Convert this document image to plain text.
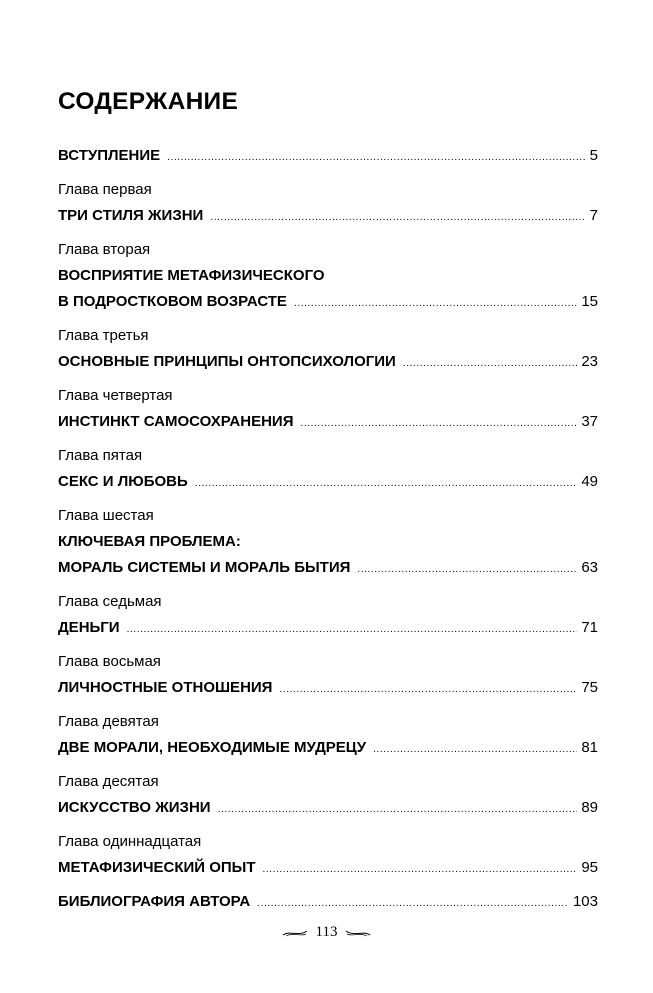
СОДЕРЖАНИЕ
ВСТУПЛЕНИЕ .....	5
Глава первая
ТРИ СТИЛЯ ЖИЗНИ .....	7
Глава вторая
ВОСПРИЯТИЕ МЕТАФИЗИЧЕСКОГО
В ПОДРОСТКОВОМ ВОЗРАСТЕ .....	15
Глава третья
ОСНОВНЫЕ ПРИНЦИПЫ ОНТОПСИХОЛОГИИ .....	23
Глава четвертая
ИНСТИНКТ САМОСОХРАНЕНИЯ .....	37
Глава пятая
СЕКС И ЛЮБОВЬ .....	49
Глава шестая
КЛЮЧЕВАЯ ПРОБЛЕМА:
МОРАЛЬ СИСТЕМЫ И МОРАЛЬ БЫТИЯ .....	63
Глава седьмая
ДЕНЬГИ .....	71
Глава восьмая
ЛИЧНОСТНЫЕ ОТНОШЕНИЯ .....	75
Глава девятая
ДВЕ МОРАЛИ, НЕОБХОДИМЫЕ МУДРЕЦУ .....	81
Глава десятая
ИСКУССТВО ЖИЗНИ .....	89
Глава одиннадцатая
МЕТАФИЗИЧЕСКИЙ ОПЫТ .....	95
БИБЛИОГРАФИЯ АВТОРА .....	103
113
